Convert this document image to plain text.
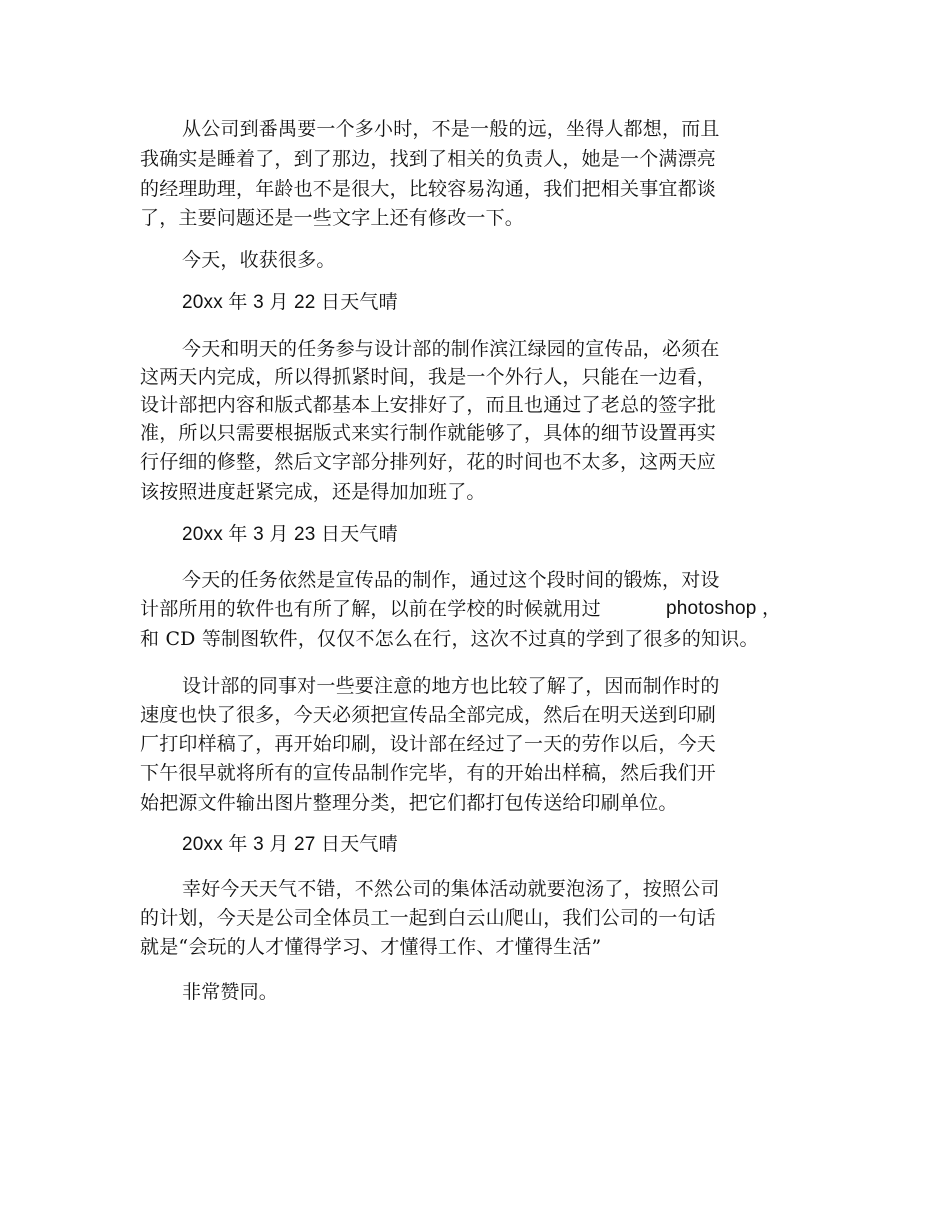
从公司到番禺要一个多小时，不是一般的远，坐得人都想，而且
我确实是睡着了，到了那边，找到了相关的负责人，她是一个满漂亮
的经理助理，年龄也不是很大，比较容易沟通，我们把相关事宜都谈
了，主要问题还是一些文字上还有修改一下。
今天，收获很多。
20xx 年 3 月 22 日天气晴
今天和明天的任务参与设计部的制作滨江绿园的宣传品，必须在
这两天内完成，所以得抓紧时间，我是一个外行人，只能在一边看，
设计部把内容和版式都基本上安排好了，而且也通过了老总的签字批
准，所以只需要根据版式来实行制作就能够了，具体的细节设置再实
行仔细的修整，然后文字部分排列好，花的时间也不太多，这两天应
该按照进度赶紧完成，还是得加加班了。
20xx 年 3 月 23 日天气晴
今天的任务依然是宣传品的制作，通过这个段时间的锻炼，对设
计部所用的软件也有所了解，以前在学校的时候就用过	photoshop ，
和 CD 等制图软件，仅仅不怎么在行，这次不过真的学到了很多的知识。
设计部的同事对一些要注意的地方也比较了解了，因而制作时的
速度也快了很多，今天必须把宣传品全部完成，然后在明天送到印刷
厂打印样稿了，再开始印刷，设计部在经过了一天的劳作以后，今天
下午很早就将所有的宣传品制作完毕，有的开始出样稿，然后我们开
始把源文件输出图片整理分类，把它们都打包传送给印刷单位。
20xx 年 3 月 27 日天气晴
幸好今天天气不错，不然公司的集体活动就要泡汤了，按照公司
的计划，今天是公司全体员工一起到白云山爬山，我们公司的一句话
就是“会玩的人才懂得学习、才懂得工作、才懂得生活”
非常赞同。
